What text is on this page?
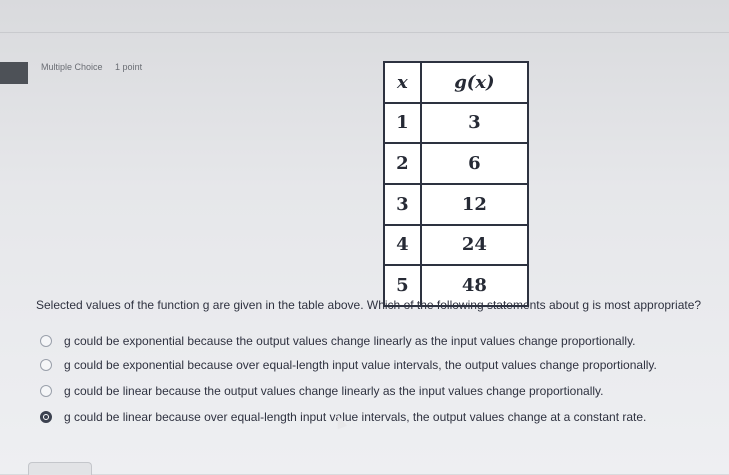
Multiple Choice 1 point
x	g(x)
1	3
2	6
3	12
4	24
5	48
Selected values of the function g are given in the table above. Which of the following statements about g is most appropriate?
g could be exponential because the output values change linearly as the input values change proportionally.
g could be exponential because over equal-length input value intervals, the output values change proportionally.
g could be linear because the output values change linearly as the input values change proportionally.
g could be linear because over equal-length input value intervals, the output values change at a constant rate.
